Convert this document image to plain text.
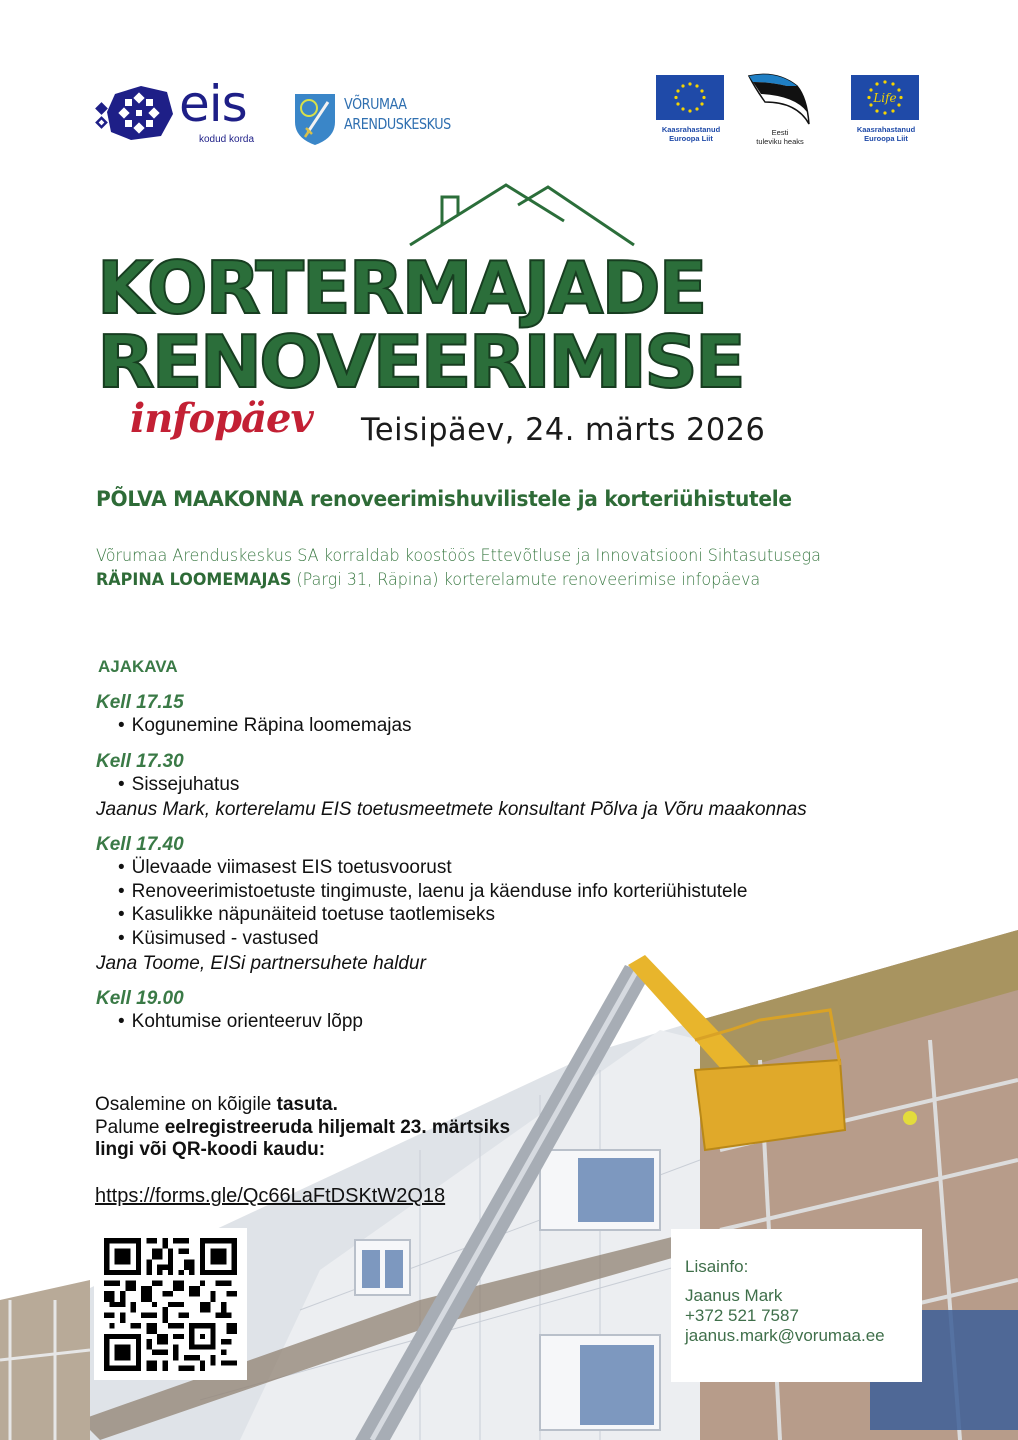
eis
kodud korda
VÕRUMAA
ARENDUSKESKUS	Kaasrahastanud
Euroopa Liit
Eesti
tuleviku heaks
Life
Kaasrahastanud
Euroopa Liit
KORTERMAJADE
RENOVEERIMISE
infopäev Teisipäev, 24. märts 2026
PÕLVA MAAKONNA renoveerimishuvilistele ja korteriühistutele
Võrumaa Arenduskeskus SA korraldab koostöös Ettevõtluse ja Innovatsiooni Sihtasutusega
RÄPINA LOOMEMAJAS (Pargi 31, Räpina) korterelamute renoveerimise infopäeva
AJAKAVA
Kell 17.15
• Kogunemine Räpina loomemajas
Kell 17.30
• Sissejuhatus
Jaanus Mark, korterelamu EIS toetusmeetmete konsultant Põlva ja Võru maakonnas
Kell 17.40
• Ülevaade viimasest EIS toetusvoorust
• Renoveerimistoetuste tingimuste, laenu ja käenduse info korteriühistutele
• Kasulikke näpunäiteid toetuse taotlemiseks
• Küsimused - vastused
Jana Toome, EISi partnersuhete haldur
Kell 19.00
• Kohtumise orienteeruv lõpp
Osalemine on kõigile tasuta.
Palume eelregistreeruda hiljemalt 23. märtsiks
lingi või QR-koodi kaudu:
https://forms.gle/Qc66LaFtDSKtW2Q18
Lisainfo:
Jaanus Mark
+372 521 7587
jaanus.mark@vorumaa.ee
